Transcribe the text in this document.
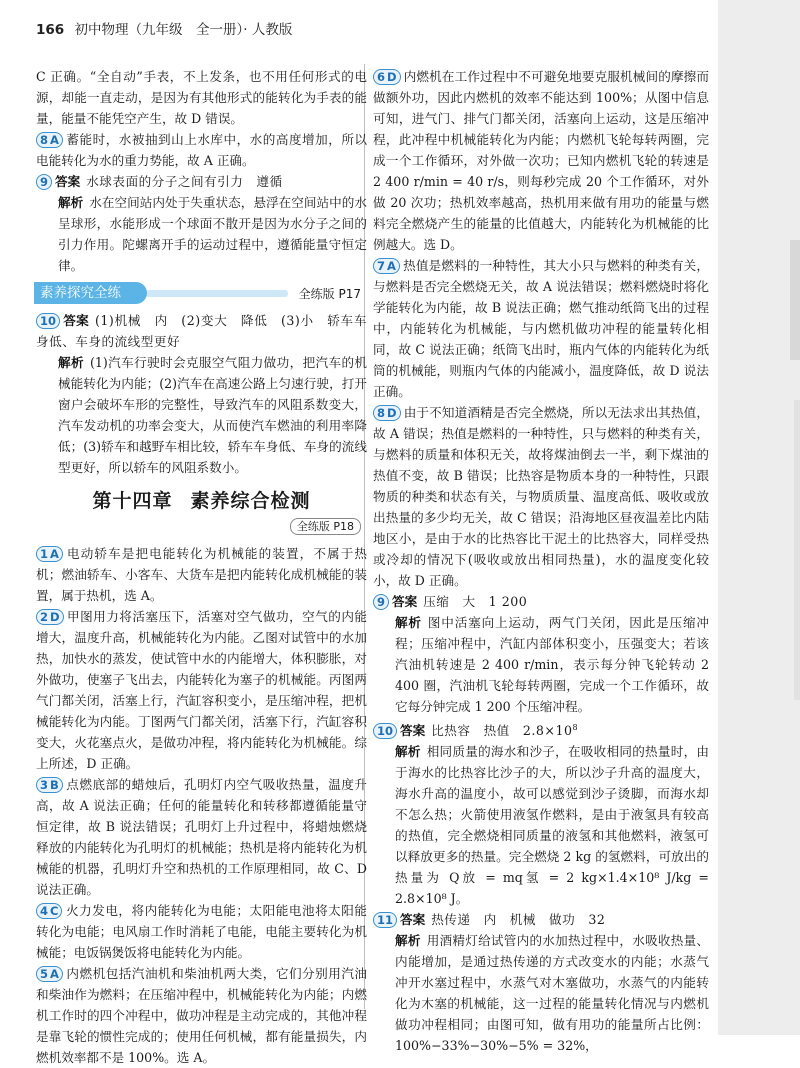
166 初中物理（九年级　全一册）· 人教版

C 正确。“全自动”手表，不上发条，也不用任何形式的电源，却能一直走动，是因为有其他形式的能转化为手表的能量，能量不能凭空产生，故 D 错误。

8 A 蓄能时，水被抽到山上水库中，水的高度增加，所以电能转化为水的重力势能，故 A 正确。

9 答案 水球表面的分子之间有引力　遵循

解析 水在空间站内处于失重状态，悬浮在空间站中的水呈球形，水能形成一个球面不散开是因为水分子之间的引力作用。陀螺离开手的运动过程中，遵循能量守恒定律。

素养探究全练	全练版 P17

10 答案 (1)机械　内　(2)变大　降低　(3)小　轿车车身低、车身的流线型更好

解析 (1)汽车行驶时会克服空气阻力做功，把汽车的机械能转化为内能；(2)汽车在高速公路上匀速行驶，打开窗户会破坏车形的完整性，导致汽车的风阻系数变大，汽车发动机的功率会变大，从而使汽车燃油的利用率降低；(3)轿车和越野车相比较，轿车车身低、车身的流线型更好，所以轿车的风阻系数小。

第十四章 素养综合检测
全练版 P18

1 A 电动轿车是把电能转化为机械能的装置，不属于热机；燃油轿车、小客车、大货车是把内能转化成机械能的装置，属于热机，选 A。

2 D 甲图用力将活塞压下，活塞对空气做功，空气的内能增大，温度升高，机械能转化为内能。乙图对试管中的水加热，加快水的蒸发，使试管中水的内能增大，体积膨胀，对外做功，使塞子飞出去，内能转化为塞子的机械能。丙图两气门都关闭，活塞上行，汽缸容积变小，是压缩冲程，把机械能转化为内能。丁图两气门都关闭，活塞下行，汽缸容积变大，火花塞点火，是做功冲程，将内能转化为机械能。综上所述，D 正确。

3 B 点燃底部的蜡烛后，孔明灯内空气吸收热量，温度升高，故 A 说法正确；任何的能量转化和转移都遵循能量守恒定律，故 B 说法错误；孔明灯上升过程中，将蜡烛燃烧释放的内能转化为孔明灯的机械能；热机是将内能转化为机械能的机器，孔明灯升空和热机的工作原理相同，故 C、D 说法正确。

4 C 火力发电，将内能转化为电能；太阳能电池将太阳能转化为电能；电风扇工作时消耗了电能，电能主要转化为机械能；电饭锅煲饭将电能转化为内能。

5 A 内燃机包括汽油机和柴油机两大类，它们分别用汽油和柴油作为燃料；在压缩冲程中，机械能转化为内能；内燃机工作时的四个冲程中，做功冲程是主动完成的，其他冲程是靠飞轮的惯性完成的；使用任何机械，都有能量损失，内燃机效率都不是 100%。选 A。

6 D 内燃机在工作过程中不可避免地要克服机械间的摩擦而做额外功，因此内燃机的效率不能达到 100%；从图中信息可知，进气门、排气门都关闭，活塞向上运动，这是压缩冲程，此冲程中机械能转化为内能；内燃机飞轮每转两圈，完成一个工作循环，对外做一次功；已知内燃机飞轮的转速是 2 400 r/min = 40 r/s，则每秒完成 20 个工作循环，对外做 20 次功；热机效率越高，热机用来做有用功的能量与燃料完全燃烧产生的能量的比值越大，内能转化为机械能的比例越大。选 D。

7 A 热值是燃料的一种特性，其大小只与燃料的种类有关，与燃料是否完全燃烧无关，故 A 说法错误；燃料燃烧时将化学能转化为内能，故 B 说法正确；燃气推动纸筒飞出的过程中，内能转化为机械能，与内燃机做功冲程的能量转化相同，故 C 说法正确；纸筒飞出时，瓶内气体的内能转化为纸筒的机械能，则瓶内气体的内能减小，温度降低，故 D 说法正确。

8 D 由于不知道酒精是否完全燃烧，所以无法求出其热值，故 A 错误；热值是燃料的一种特性，只与燃料的种类有关，与燃料的质量和体积无关，故将煤油倒去一半，剩下煤油的热值不变，故 B 错误；比热容是物质本身的一种特性，只跟物质的种类和状态有关，与物质质量、温度高低、吸收或放出热量的多少均无关，故 C 错误；沿海地区昼夜温差比内陆地区小，是由于水的比热容比干泥土的比热容大，同样受热或冷却的情况下(吸收或放出相同热量)，水的温度变化较小，故 D 正确。

9 答案 压缩　大　1 200

解析 图中活塞向上运动，两气门关闭，因此是压缩冲程；压缩冲程中，汽缸内部体积变小，压强变大；若该汽油机转速是 2 400 r/min，表示每分钟飞轮转动 2 400 圈，汽油机飞轮每转两圈，完成一个工作循环，故它每分钟完成 1 200 个压缩冲程。

10 答案 比热容　热值　$2.8\times 10^8$

解析 相同质量的海水和沙子，在吸收相同的热量时，由于海水的比热容比沙子的大，所以沙子升高的温度大，海水升高的温度小，故可以感觉到沙子烫脚，而海水却不怎么热；火箭使用液氢作燃料，是由于液氢具有较高的热值，完全燃烧相同质量的液氢和其他燃料，液氢可以释放更多的热量。完全燃烧 2 kg 的氢燃料，可放出的热量为 Q放 = mq氢 = 2 kg×1.4×10⁸ J/kg = 2.8×10⁸ J。

11 答案 热传递　内　机械　做功　32

解析 用酒精灯给试管内的水加热过程中，水吸收热量、内能增加，是通过热传递的方式改变水的内能；水蒸气冲开水塞过程中，水蒸气对木塞做功，水蒸气的内能转化为木塞的机械能，这一过程的能量转化情况与内燃机做功冲程相同；由图可知，做有用功的能量所占比例：100%−33%−30%−5% = 32%，
